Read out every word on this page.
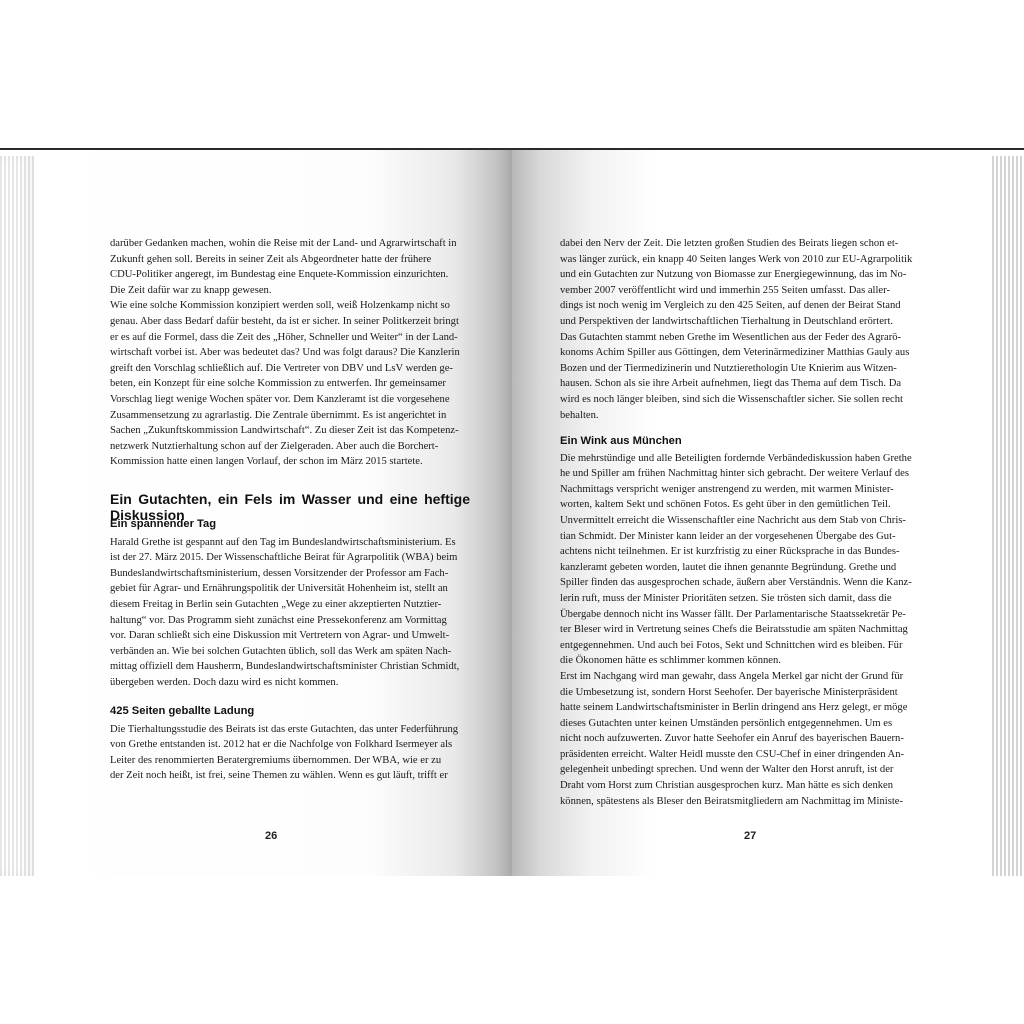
darüber Gedanken machen, wohin die Reise mit der Land- und Agrarwirtschaft in
Zukunft gehen soll. Bereits in seiner Zeit als Abgeordneter hatte der frühere
CDU-Politiker angeregt, im Bundestag eine Enquete-Kommission einzurichten.
Die Zeit dafür war zu knapp gewesen.

Wie eine solche Kommission konzipiert werden soll, weiß Holzenkamp nicht so
genau. Aber dass Bedarf dafür besteht, da ist er sicher. In seiner Politkerzeit bringt
er es auf die Formel, dass die Zeit des „Höher, Schneller und Weiter“ in der Land-
wirtschaft vorbei ist. Aber was bedeutet das? Und was folgt daraus? Die Kanzlerin
greift den Vorschlag schließlich auf. Die Vertreter von DBV und LsV werden ge-
beten, ein Konzept für eine solche Kommission zu entwerfen. Ihr gemeinsamer
Vorschlag liegt wenige Wochen später vor. Dem Kanzleramt ist die vorgesehene
Zusammensetzung zu agrarlastig. Die Zentrale übernimmt. Es ist angerichtet in
Sachen „Zukunftskommission Landwirtschaft“. Zu dieser Zeit ist das Kompetenz-
netzwerk Nutztierhaltung schon auf der Zielgeraden. Aber auch die Borchert-
Kommission hatte einen langen Vorlauf, der schon im März 2015 startete.

Ein Gutachten, ein Fels im Wasser und eine heftige Diskussion

Ein spannender Tag

Harald Grethe ist gespannt auf den Tag im Bundeslandwirtschaftsministerium. Es
ist der 27. März 2015. Der Wissenschaftliche Beirat für Agrarpolitik (WBA) beim
Bundeslandwirtschaftsministerium, dessen Vorsitzender der Professor am Fach-
gebiet für Agrar- und Ernährungspolitik der Universität Hohenheim ist, stellt an
diesem Freitag in Berlin sein Gutachten „Wege zu einer akzeptierten Nutztier-
haltung“ vor. Das Programm sieht zunächst eine Pressekonferenz am Vormittag
vor. Daran schließt sich eine Diskussion mit Vertretern von Agrar- und Umwelt-
verbänden an. Wie bei solchen Gutachten üblich, soll das Werk am späten Nach-
mittag offiziell dem Hausherrn, Bundeslandwirtschaftsminister Christian Schmidt,
übergeben werden. Doch dazu wird es nicht kommen.

425 Seiten geballte Ladung

Die Tierhaltungsstudie des Beirats ist das erste Gutachten, das unter Federführung
von Grethe entstanden ist. 2012 hat er die Nachfolge von Folkhard Isermeyer als
Leiter des renommierten Beratergremiums übernommen. Der WBA, wie er zu
der Zeit noch heißt, ist frei, seine Themen zu wählen. Wenn es gut läuft, trifft er

26

dabei den Nerv der Zeit. Die letzten großen Studien des Beirats liegen schon et-
was länger zurück, ein knapp 40 Seiten langes Werk von 2010 zur EU-Agrarpolitik
und ein Gutachten zur Nutzung von Biomasse zur Energiegewinnung, das im No-
vember 2007 veröffentlicht wird und immerhin 255 Seiten umfasst. Das aller-
dings ist noch wenig im Vergleich zu den 425 Seiten, auf denen der Beirat Stand
und Perspektiven der landwirtschaftlichen Tierhaltung in Deutschland erörtert.
Das Gutachten stammt neben Grethe im Wesentlichen aus der Feder des Agrarö-
konoms Achim Spiller aus Göttingen, dem Veterinärmediziner Matthias Gauly aus
Bozen und der Tiermedizinerin und Nutztierethologin Ute Knierim aus Witzen-
hausen. Schon als sie ihre Arbeit aufnehmen, liegt das Thema auf dem Tisch. Da
wird es noch länger bleiben, sind sich die Wissenschaftler sicher. Sie sollen recht
behalten.

Ein Wink aus München

Die mehrstündige und alle Beteiligten fordernde Verbändediskussion haben Grethe
he und Spiller am frühen Nachmittag hinter sich gebracht. Der weitere Verlauf des
Nachmittags verspricht weniger anstrengend zu werden, mit warmen Minister-
worten, kaltem Sekt und schönen Fotos. Es geht über in den gemütlichen Teil.
Unvermittelt erreicht die Wissenschaftler eine Nachricht aus dem Stab von Chris-
tian Schmidt. Der Minister kann leider an der vorgesehenen Übergabe des Gut-
achtens nicht teilnehmen. Er ist kurzfristig zu einer Rücksprache in das Bundes-
kanzleramt gebeten worden, lautet die ihnen genannte Begründung. Grethe und
Spiller finden das ausgesprochen schade, äußern aber Verständnis. Wenn die Kanz-
lerin ruft, muss der Minister Prioritäten setzen. Sie trösten sich damit, dass die
Übergabe dennoch nicht ins Wasser fällt. Der Parlamentarische Staatssekretär Pe-
ter Bleser wird in Vertretung seines Chefs die Beiratsstudie am späten Nachmittag
entgegennehmen. Und auch bei Fotos, Sekt und Schnittchen wird es bleiben. Für
die Ökonomen hätte es schlimmer kommen können.

Erst im Nachgang wird man gewahr, dass Angela Merkel gar nicht der Grund für
die Umbesetzung ist, sondern Horst Seehofer. Der bayerische Ministerpräsident
hatte seinem Landwirtschaftsminister in Berlin dringend ans Herz gelegt, er möge
dieses Gutachten unter keinen Umständen persönlich entgegennehmen. Um es
nicht noch aufzuwerten. Zuvor hatte Seehofer ein Anruf des bayerischen Bauern-
präsidenten erreicht. Walter Heidl musste den CSU-Chef in einer dringenden An-
gelegenheit unbedingt sprechen. Und wenn der Walter den Horst anruft, ist der
Draht vom Horst zum Christian ausgesprochen kurz. Man hätte es sich denken
können, spätestens als Bleser den Beiratsmitgliedern am Nachmittag im Ministe-

27
